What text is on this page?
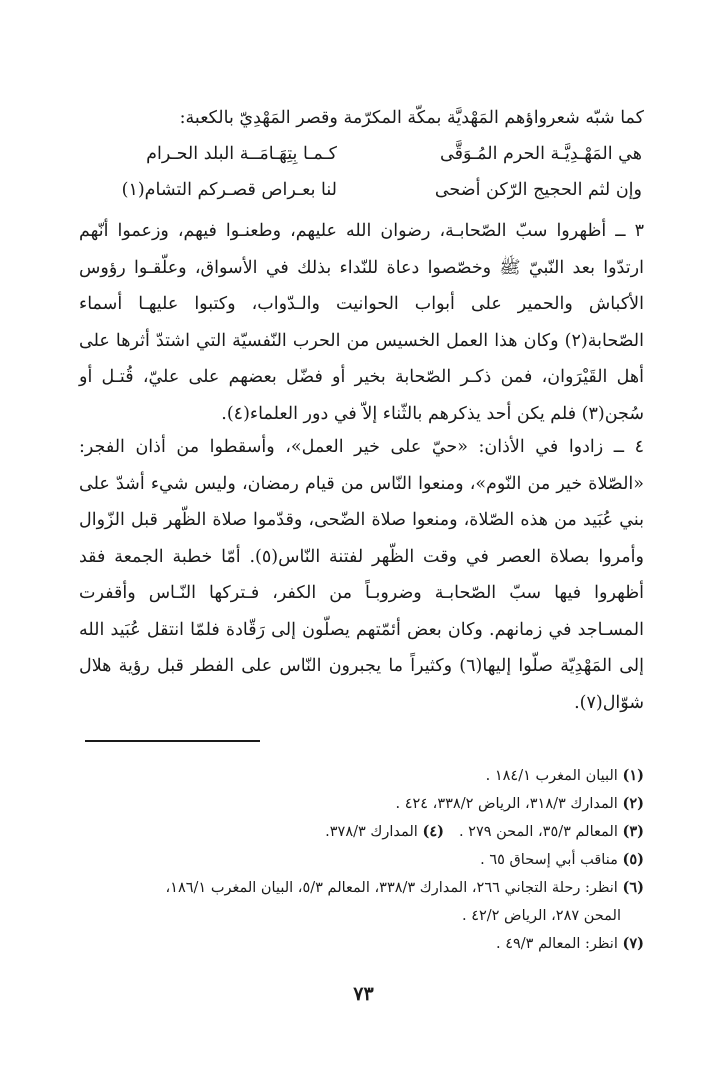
كما شبّه شعرواؤهم المَهْديَّة بمكّة المكرّمة وقصر المَهْدِيّ بالكعبة:
هي المَهْـدِيَّـة الحرم المُـوَقَّى
كـمـا بِتِهَـامَــة البلد الحـرام
وإن لثم الحجيج الرّكن أضحى
لنا بعـراص قصـركم التشام(١)
٣ ــ أظهروا سبّ الصّحابـة، رضوان الله عليهم، وطعنـوا فيهم، وزعموا أنّهم ارتدّوا بعد النّبيّ ﷺ وخصّصوا دعاة للنّداء بذلك في الأسواق، وعلّقـوا رؤوس الأكباش والحمير على أبواب الحوانيت والـدّواب، وكتبوا عليهـا أسماء الصّحابة(٢) وكان هذا العمل الخسيس من الحرب النّفسيّة التي اشتدّ أثرها على أهل القَيْرَوان، فمن ذكـر الصّحابة بخير أو فضّل بعضهم على عليّ، قُتـل أو سُجن(٣) فلم يكن أحد يذكرهم بالثّناء إلاّ في دور العلماء(٤).
٤ ــ زادوا في الأذان: «حيّ على خير العمل»، وأسقطوا من أذان الفجر: «الصّلاة خير من النّوم»، ومنعوا النّاس من قيام رمضان، وليس شيء أشدّ على بني عُبَيد من هذه الصّلاة، ومنعوا صلاة الضّحى، وقدّموا صلاة الظّهر قبل الزّوال وأمروا بصلاة العصر في وقت الظّهر لفتنة النّاس(٥). أمّا خطبة الجمعة فقد أظهروا فيها سبّ الصّحابـة وضروبـاً من الكفر، فـتركها النّـاس وأقفرت المسـاجد في زمانهم. وكان بعض أئمّتهم يصلّون إلى رَقّادة فلمّا انتقل عُبَيد الله إلى المَهْدِيّة صلّوا إليها(٦) وكثيراً ما يجبرون النّاس على الفطر قبل رؤية هلال شوّال(٧).
(١) البيان المغرب ١٨٤/١ .
(٢) المدارك ٣١٨/٣، الرياض ٣٣٨/٢، ٤٢٤ .
(٣) المعالم ٣٥/٣، المحن ٢٧٩ .
(٤) المدارك ٣٧٨/٣.
(٥) مناقب أبي إسحاق ٦٥ .
(٦) انظر: رحلة التجاني ٢٦٦، المدارك ٣٣٨/٣، المعالم ٥/٣، البيان المغرب ١٨٦/١،
المحن ٢٨٧، الرياض ٤٢/٢ .
(٧) انظر: المعالم ٤٩/٣ .
٧٣
